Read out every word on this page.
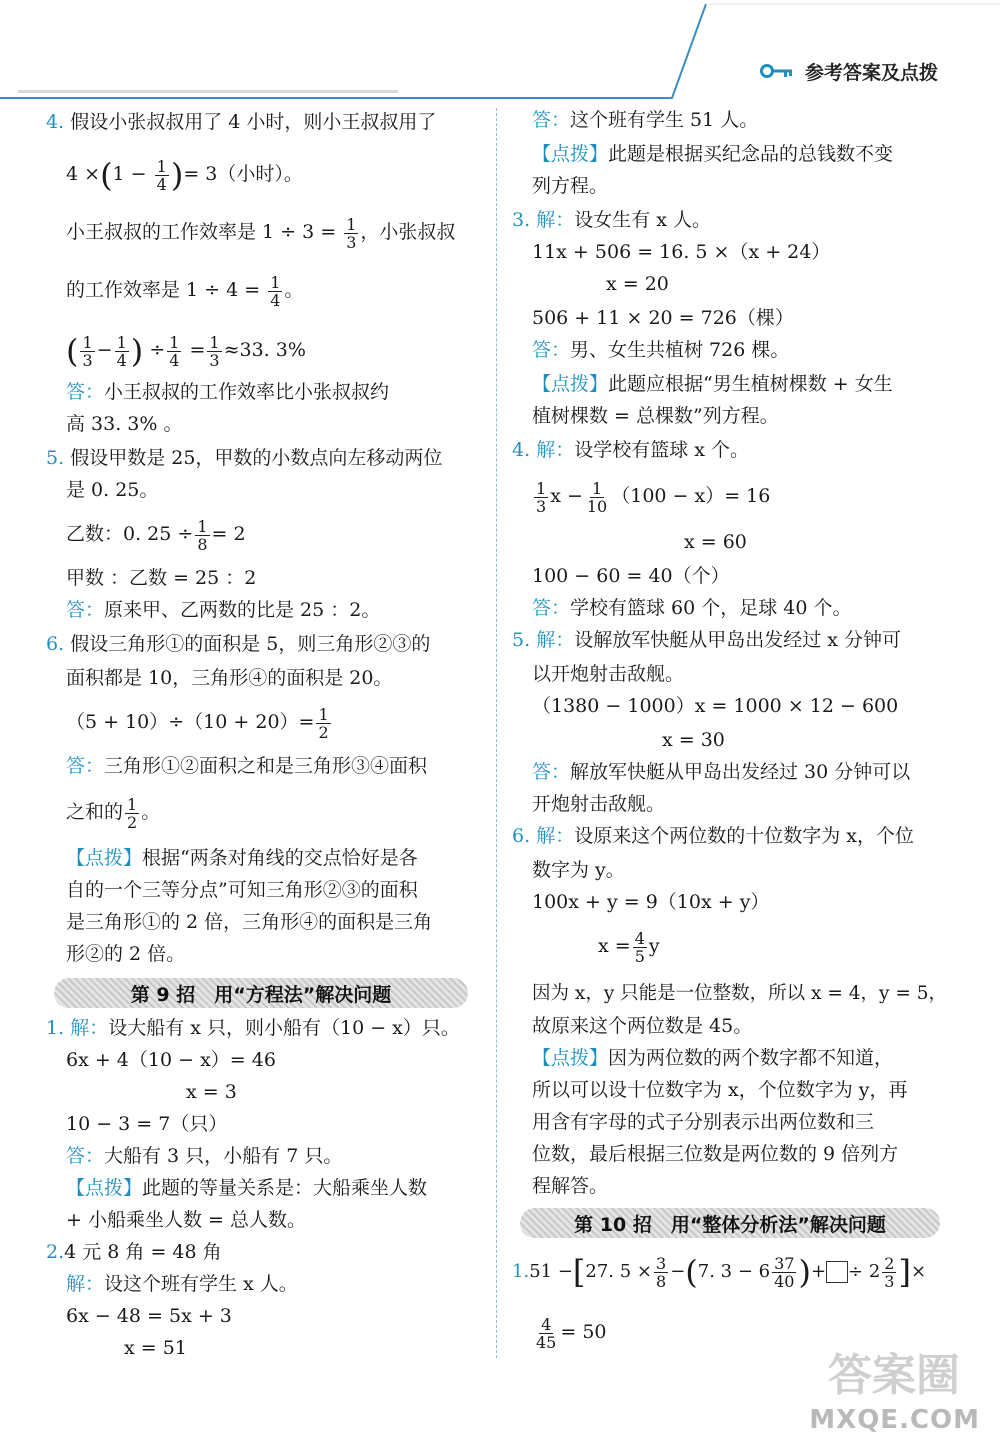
参考答案及点拨
4. 假设小张叔叔用了 4 小时，则小王叔叔用了
$4 \times(1 - \frac{1}{4}$ )= 3（小时）。
小王叔叔的工作效率是 $1 \div 3 = \frac{1}{3}$ ，小张叔叔
的工作效率是 $1 \div 4 = \frac{1}{4}$ 。
( $\frac{1}{3} - \frac{1}{4}$ ) ÷ $\frac{1}{4} = \frac{1}{3} \approx 33$. 3%
答：小王叔叔的工作效率比小张叔叔约
高 33. 3% 。
5. 假设甲数是 25，甲数的小数点向左移动两位
是 0. 25。
乙数：0. $25 \div \frac{1}{8} = 2$
甲数 ：乙数 = 25 ：2
答：原来甲、乙两数的比是 25 ：2。
6. 假设三角形①的面积是 5，则三角形②③的
面积都是 10，三角形④的面积是 20。
$(5 + 10)\div(10 + 20)= \frac{1}{2}$
答：三角形①②面积之和是三角形③④面积
之和的 $\frac{1}{2}$ 。
【点拨】根据“两条对角线的交点恰好是各
自的一个三等分点”可知三角形②③的面积
是三角形①的 2 倍，三角形④的面积是三角
形②的 2 倍。
第 9 招　用“方程法”解决问题
1. 解：设大船有 x 只，则小船有（10 − x）只。
6x + 4（10 − x）= 46
x = 3
10 − 3 = 7（只）
答：大船有 3 只，小船有 7 只。
【点拨】此题的等量关系是：大船乘坐人数
+ 小船乘坐人数 = 总人数。
2.4 元 8 角 = 48 角
解：设这个班有学生 x 人。
6x − 48 = 5x + 3
x = 51
答：这个班有学生 51 人。
【点拨】此题是根据买纪念品的总钱数不变
列方程。
3. 解：设女生有 x 人。
11x + 506 = 16. 5 ×（x + 24）
x = 20
506 + 11 × 20 = 726（棵）
答：男、女生共植树 726 棵。
【点拨】此题应根据“男生植树棵数 + 女生
植树棵数 = 总棵数”列方程。
4. 解：设学校有篮球 x 个。
$\frac{1}{3}$ $x - \frac{1}{10} (100 - x)= 16$
x = 60
100 − 60 = 40（个）
答：学校有篮球 60 个，足球 40 个。
5. 解：设解放军快艇从甲岛出发经过 x 分钟可
以开炮射击敌舰。
（1380 − 1000）x = 1000 × 12 − 600
x = 30
答：解放军快艇从甲岛出发经过 30 分钟可以
开炮射击敌舰。
6. 解：设原来这个两位数的十位数字为 x，个位
数字为 y。
100x + y = 9（10x + y）
$x = \frac{4}{5}$ y
因为 x，y 只能是一位整数，所以 x = 4，y = 5，
故原来这个两位数是 45。
【点拨】因为两位数的两个数字都不知道，
所以可以设十位数字为 x，个位数字为 y，再
用含有字母的式子分别表示出两位数和三
位数，最后根据三位数是两位数的 9 倍列方
程解答。
第 10 招　用“整体分析法”解决问题
1.51 −[27. $5 \times \frac{3}{8} -(7$. $3 - 6 \frac{37}{40}$ )+ ÷ $2 \frac{2}{3}$ ]×
$\frac{4}{45} = 50$
答案圈
MXQE.COM
